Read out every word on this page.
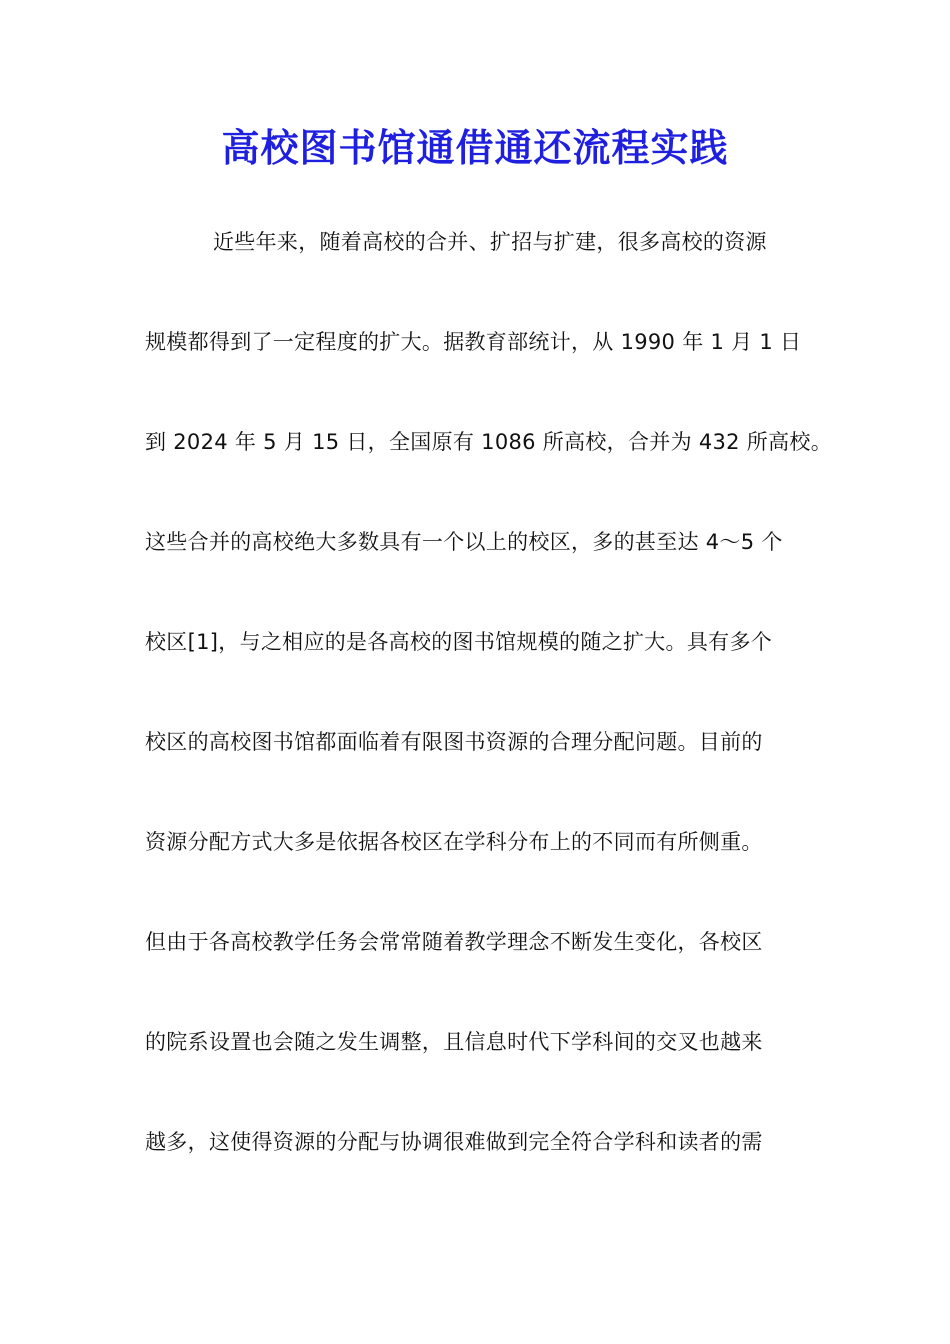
高校图书馆通借通还流程实践
近些年来，随着高校的合并、扩招与扩建，很多高校的资源
规模都得到了一定程度的扩大。据教育部统计，从 1990 年 1 月 1 日
到 2024 年 5 月 15 日，全国原有 1086 所高校，合并为 432 所高校。
这些合并的高校绝大多数具有一个以上的校区，多的甚至达 4～5 个
校区[1]，与之相应的是各高校的图书馆规模的随之扩大。具有多个
校区的高校图书馆都面临着有限图书资源的合理分配问题。目前的
资源分配方式大多是依据各校区在学科分布上的不同而有所侧重。
但由于各高校教学任务会常常随着教学理念不断发生变化，各校区
的院系设置也会随之发生调整，且信息时代下学科间的交叉也越来
越多，这使得资源的分配与协调很难做到完全符合学科和读者的需
